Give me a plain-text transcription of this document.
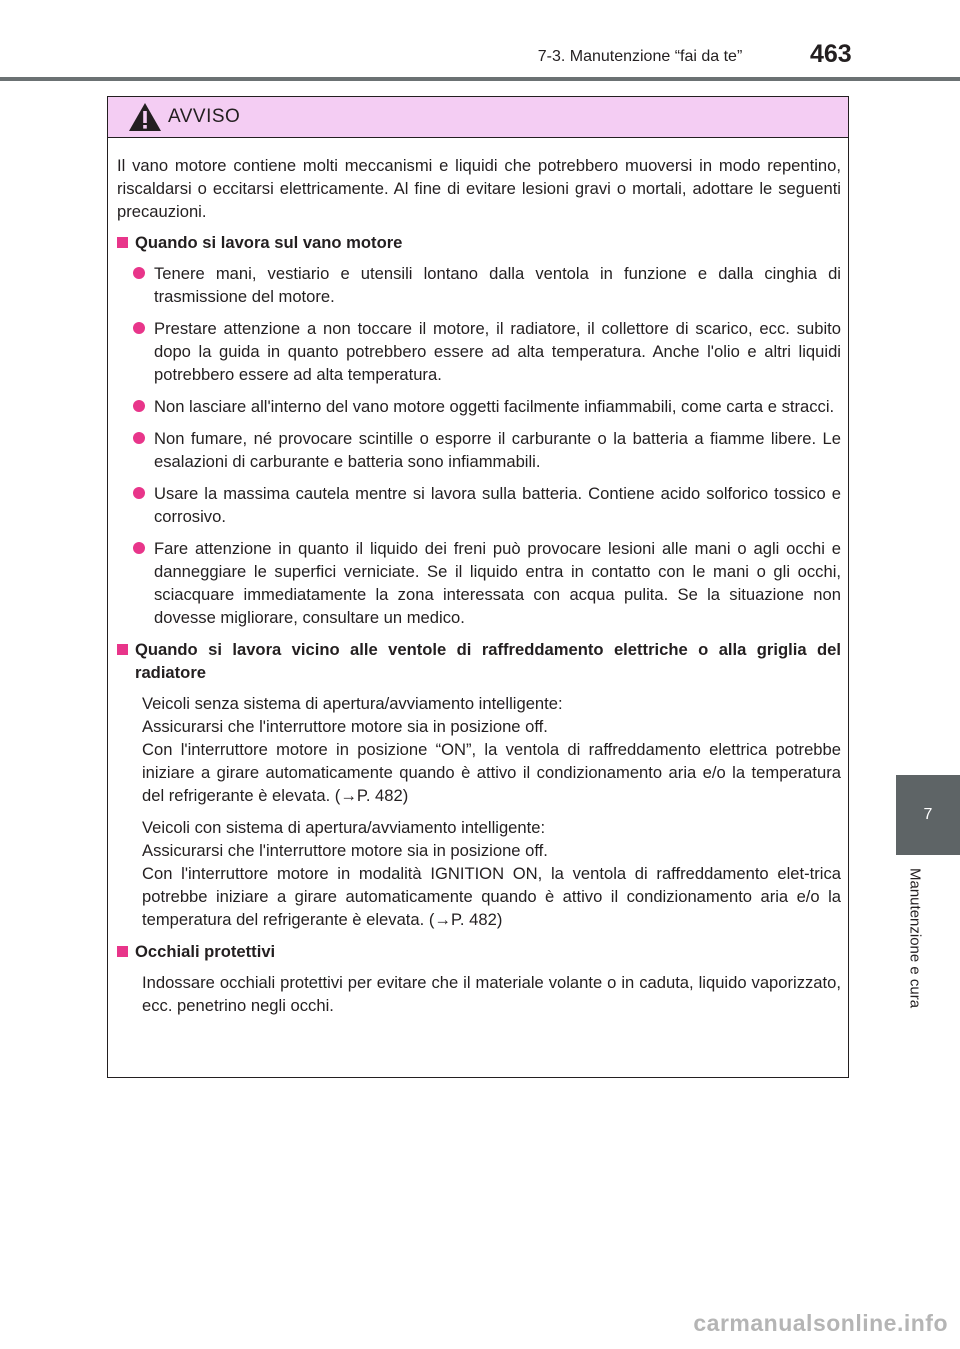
7-3. Manutenzione “fai da te”	463
7
Manutenzione e cura
AVVISO

Il vano motore contiene molti meccanismi e liquidi che potrebbero muoversi in modo repentino, riscaldarsi o eccitarsi elettricamente. Al fine di evitare lesioni gravi o mortali, adottare le seguenti precauzioni.

Quando si lavora sul vano motore
Tenere mani, vestiario e utensili lontano dalla ventola in funzione e dalla cinghia di trasmissione del motore.
Prestare attenzione a non toccare il motore, il radiatore, il collettore di scarico, ecc. subito dopo la guida in quanto potrebbero essere ad alta temperatura. Anche l'olio e altri liquidi potrebbero essere ad alta temperatura.
Non lasciare all'interno del vano motore oggetti facilmente infiammabili, come carta e stracci.
Non fumare, né provocare scintille o esporre il carburante o la batteria a fiamme libere. Le esalazioni di carburante e batteria sono infiammabili.
Usare la massima cautela mentre si lavora sulla batteria. Contiene acido solforico tossico e corrosivo.
Fare attenzione in quanto il liquido dei freni può provocare lesioni alle mani o agli occhi e danneggiare le superfici verniciate. Se il liquido entra in contatto con le mani o gli occhi, sciacquare immediatamente la zona interessata con acqua pulita. Se la situazione non dovesse migliorare, consultare un medico.
Quando si lavora vicino alle ventole di raffreddamento elettriche o alla griglia del radiatore
Veicoli senza sistema di apertura/avviamento intelligente:
Assicurarsi che l'interruttore motore sia in posizione off.
Con l'interruttore motore in posizione “ON”, la ventola di raffreddamento elettrica potrebbe iniziare a girare automaticamente quando è attivo il condizionamento aria e/o la temperatura del refrigerante è elevata. (→P. 482)
Veicoli con sistema di apertura/avviamento intelligente:
Assicurarsi che l'interruttore motore sia in posizione off.
Con l'interruttore motore in modalità IGNITION ON, la ventola di raffreddamento elet-trica potrebbe iniziare a girare automaticamente quando è attivo il condizionamento aria e/o la temperatura del refrigerante è elevata. (→P. 482)
Occhiali protettivi
Indossare occhiali protettivi per evitare che il materiale volante o in caduta, liquido vaporizzato, ecc. penetrino negli occhi.
carmanualsonline.info
